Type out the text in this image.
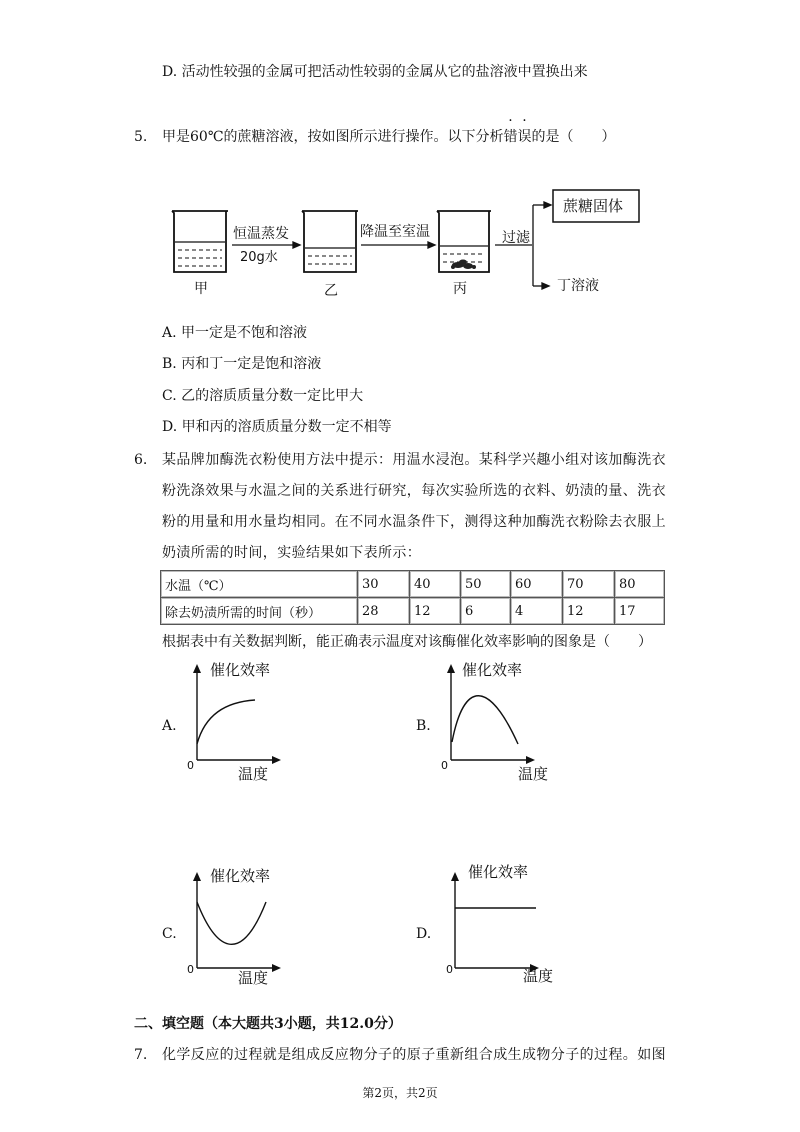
D. 活动性较强的金属可把活动性较弱的金属从它的盐溶液中置换出来
5. 甲是60℃的蔗糖溶液，按如图所示进行操作。以下分析错误的是（　　）
恒温蒸发
20g水
降温至室温	过滤
甲	乙	丙
蔗糖固体
丁溶液
A. 甲一定是不饱和溶液
B. 丙和丁一定是饱和溶液
C. 乙的溶质质量分数一定比甲大
D. 甲和丙的溶质质量分数一定不相等
6. 某品牌加酶洗衣粉使用方法中提示：用温水浸泡。某科学兴趣小组对该加酶洗衣
粉洗涤效果与水温之间的关系进行研究，每次实验所选的衣料、奶渍的量、洗衣
粉的用量和用水量均相同。在不同水温条件下，测得这种加酶洗衣粉除去衣服上
奶渍所需的时间，实验结果如下表所示：
水温（℃）	30	40	50	60	70	80
除去奶渍所需的时间（秒）	28	12	6	4	12	17
根据表中有关数据判断，能正确表示温度对该酶催化效率影响的图象是（　　）
A.
催化效率
温度
0
B.
催化效率
温度
0
C.
催化效率
温度
0
D.
催化效率
温度
0
二、填空题（本大题共3小题，共12.0分）
7. 化学反应的过程就是组成反应物分子的原子重新组合成生成物分子的过程。如图
第2页，共2页
